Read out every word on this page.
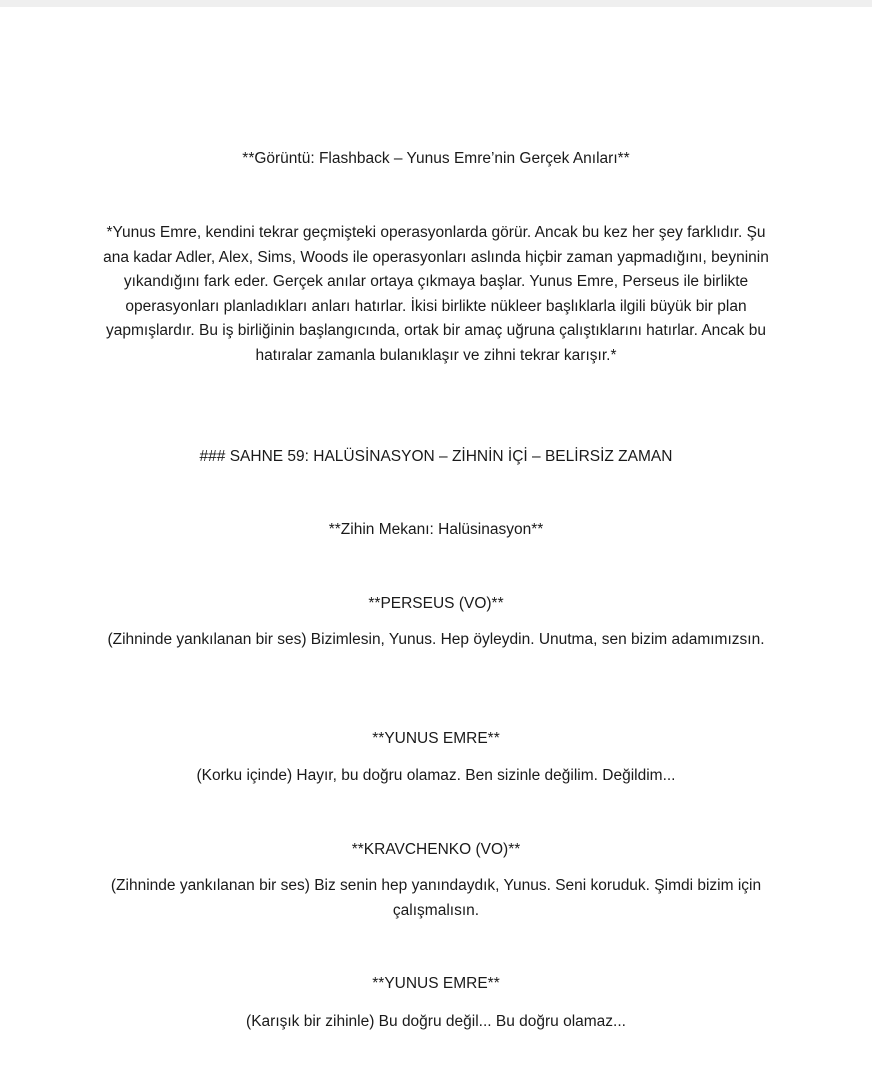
**Görüntü: Flashback – Yunus Emre’nin Gerçek Anıları**
*Yunus Emre, kendini tekrar geçmişteki operasyonlarda görür. Ancak bu kez her şey farklıdır. Şu ana kadar Adler, Alex, Sims, Woods ile operasyonları aslında hiçbir zaman yapmadığını, beyninin yıkandığını fark eder. Gerçek anılar ortaya çıkmaya başlar. Yunus Emre, Perseus ile birlikte operasyonları planladıkları anları hatırlar. İkisi birlikte nükleer başlıklarla ilgili büyük bir plan yapmışlardır. Bu iş birliğinin başlangıcında, ortak bir amaç uğruna çalıştıklarını hatırlar. Ancak bu hatıralar zamanla bulanıklaşır ve zihni tekrar karışır.*
### SAHNE 59: HALÜSİNASYON – ZİHNİN İÇİ – BELİRSİZ ZAMAN
**Zihin Mekanı: Halüsinasyon**
**PERSEUS (VO)**
(Zihninde yankılanan bir ses) Bizimlesin, Yunus. Hep öyleydin. Unutma, sen bizim adamımızsın.
**YUNUS EMRE**
(Korku içinde) Hayır, bu doğru olamaz. Ben sizinle değilim. Değildim...
**KRAVCHENKO (VO)**
(Zihninde yankılanan bir ses) Biz senin hep yanındaydık, Yunus. Seni koruduk. Şimdi bizim için çalışmalısın.
**YUNUS EMRE**
(Karışık bir zihinle) Bu doğru değil... Bu doğru olamaz...
